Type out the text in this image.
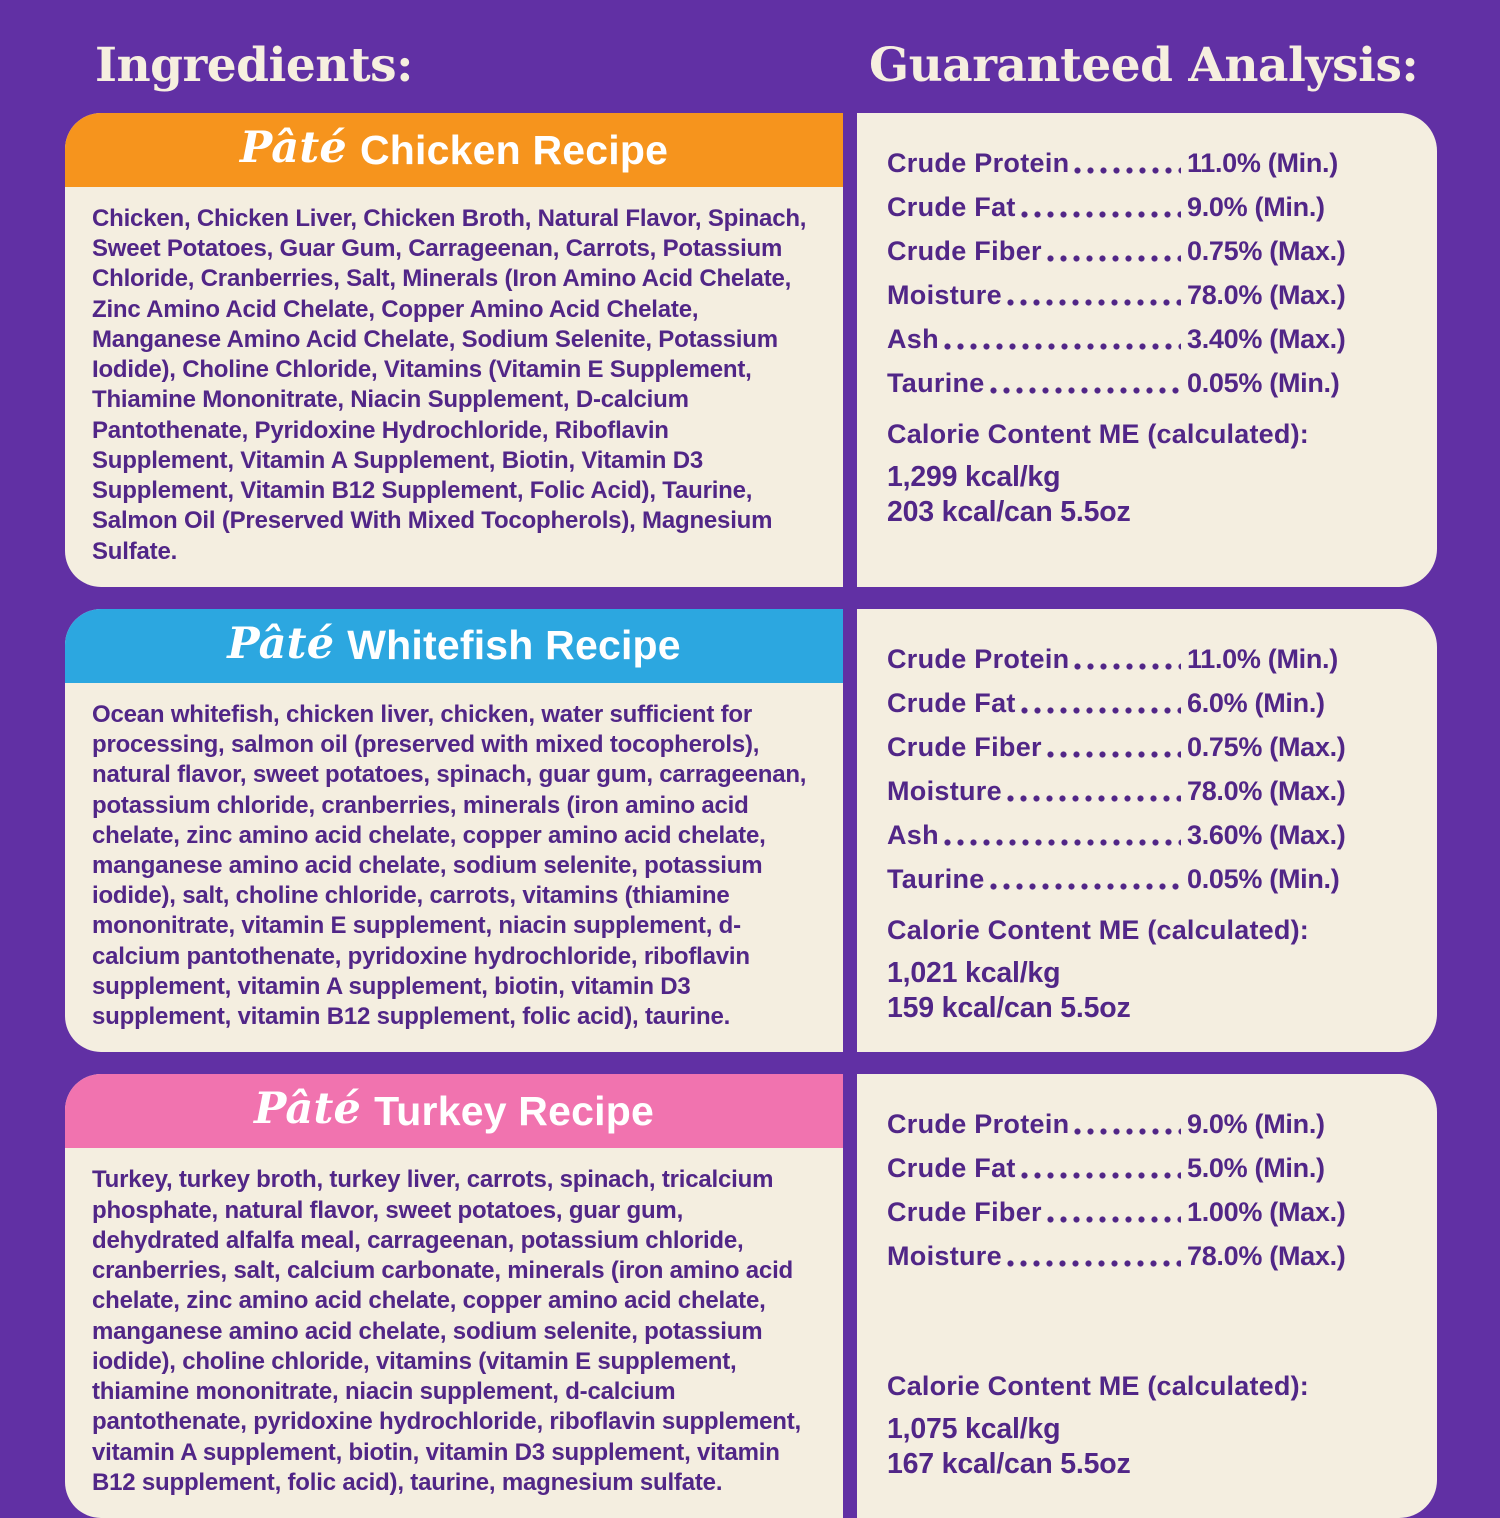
Ingredients:	Guaranteed Analysis:
Pâté Chicken Recipe

Chicken, Chicken Liver, Chicken Broth, Natural Flavor, Spinach, Sweet Potatoes, Guar Gum, Carrageenan, Carrots, Potassium Chloride, Cranberries, Salt, Minerals (Iron Amino Acid Chelate, Zinc Amino Acid Chelate, Copper Amino Acid Chelate, Manganese Amino Acid Chelate, Sodium Selenite, Potassium Iodide), Choline Chloride, Vitamins (Vitamin E Supplement, Thiamine Mononitrate, Niacin Supplement, D-calcium Pantothenate, Pyridoxine Hydrochloride, Riboflavin Supplement, Vitamin A Supplement, Biotin, Vitamin D3 Supplement, Vitamin B12 Supplement, Folic Acid), Taurine, Salmon Oil (Preserved With Mixed Tocopherols), Magnesium Sulfate.

Crude Protein	11.0% (Min.)
Crude Fat	9.0% (Min.)
Crude Fiber	0.75% (Max.)
Moisture	78.0% (Max.)
Ash	3.40% (Max.)
Taurine	0.05% (Min.)

Calorie Content ME (calculated):

1,299 kcal/kg

203 kcal/can 5.5oz

Pâté Whitefish Recipe

Ocean whitefish, chicken liver, chicken, water sufficient for processing, salmon oil (preserved with mixed tocopherols), natural flavor, sweet potatoes, spinach, guar gum, carrageenan, potassium chloride, cranberries, minerals (iron amino acid chelate, zinc amino acid chelate, copper amino acid chelate, manganese amino acid chelate, sodium selenite, potassium iodide), salt, choline chloride, carrots, vitamins (thiamine mononitrate, vitamin E supplement, niacin supplement, d-calcium pantothenate, pyridoxine hydrochloride, riboflavin supplement, vitamin A supplement, biotin, vitamin D3 supplement, vitamin B12 supplement, folic acid), taurine.

Crude Protein	11.0% (Min.)
Crude Fat	6.0% (Min.)
Crude Fiber	0.75% (Max.)
Moisture	78.0% (Max.)
Ash	3.60% (Max.)
Taurine	0.05% (Min.)

Calorie Content ME (calculated):

1,021 kcal/kg

159 kcal/can 5.5oz

Pâté Turkey Recipe

Turkey, turkey broth, turkey liver, carrots, spinach, tricalcium phosphate, natural flavor, sweet potatoes, guar gum, dehydrated alfalfa meal, carrageenan, potassium chloride, cranberries, salt, calcium carbonate, minerals (iron amino acid chelate, zinc amino acid chelate, copper amino acid chelate, manganese amino acid chelate, sodium selenite, potassium iodide), choline chloride, vitamins (vitamin E supplement, thiamine mononitrate, niacin supplement, d-calcium pantothenate, pyridoxine hydrochloride, riboflavin supplement, vitamin A supplement, biotin, vitamin D3 supplement, vitamin B12 supplement, folic acid), taurine, magnesium sulfate.

Crude Protein	9.0% (Min.)
Crude Fat	5.0% (Min.)
Crude Fiber	1.00% (Max.)
Moisture	78.0% (Max.)

Calorie Content ME (calculated):

1,075 kcal/kg

167 kcal/can 5.5oz
